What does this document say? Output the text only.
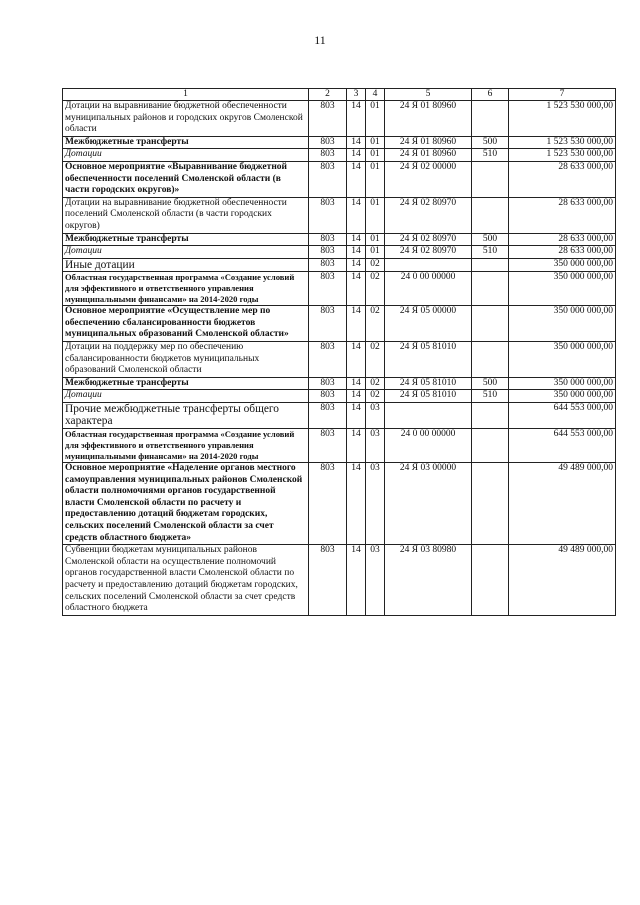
11
1	2	3	4	5	6	7
Дотации на выравнивание бюджетной обеспеченности муниципальных районов и городских округов Смоленской области	803	14	01	24 Я 01 80960		1 523 530 000,00
Межбюджетные трансферты	803	14	01	24 Я 01 80960	500	1 523 530 000,00
Дотации	803	14	01	24 Я 01 80960	510	1 523 530 000,00
Основное мероприятие «Выравнивание бюджетной обеспеченности поселений Смоленской области (в части городских округов)»	803	14	01	24 Я 02 00000		28 633 000,00
Дотации на выравнивание бюджетной обеспеченности поселений Смоленской области (в части городских округов)	803	14	01	24 Я 02 80970		28 633 000,00
Межбюджетные трансферты	803	14	01	24 Я 02 80970	500	28 633 000,00
Дотации	803	14	01	24 Я 02 80970	510	28 633 000,00
Иные дотации	803	14	02			350 000 000,00
Областная государственная программа «Создание условий для эффективного и ответственного управления муниципальными финансами» на 2014-2020 годы	803	14	02	24 0 00 00000		350 000 000,00
Основное мероприятие «Осуществление мер по обеспечению сбалансированности бюджетов муниципальных образований Смоленской области»	803	14	02	24 Я 05 00000		350 000 000,00
Дотации на поддержку мер по обеспечению сбалансированности бюджетов муниципальных образований Смоленской области	803	14	02	24 Я 05 81010		350 000 000,00
Межбюджетные трансферты	803	14	02	24 Я 05 81010	500	350 000 000,00
Дотации	803	14	02	24 Я 05 81010	510	350 000 000,00
Прочие межбюджетные трансферты общего характера	803	14	03			644 553 000,00
Областная государственная программа «Создание условий для эффективного и ответственного управления муниципальными финансами» на 2014-2020 годы	803	14	03	24 0 00 00000		644 553 000,00
Основное мероприятие «Наделение органов местного самоуправления муниципальных районов Смоленской области полномочиями органов государственной власти Смоленской области по расчету и предоставлению дотаций бюджетам городских, сельских поселений Смоленской области за счет средств областного бюджета»	803	14	03	24 Я 03 00000		49 489 000,00
Субвенции бюджетам муниципальных районов Смоленской области на осуществление полномочий органов государственной власти Смоленской области по расчету и предоставлению дотаций бюджетам городских, сельских поселений Смоленской области за счет средств областного бюджета	803	14	03	24 Я 03 80980		49 489 000,00
